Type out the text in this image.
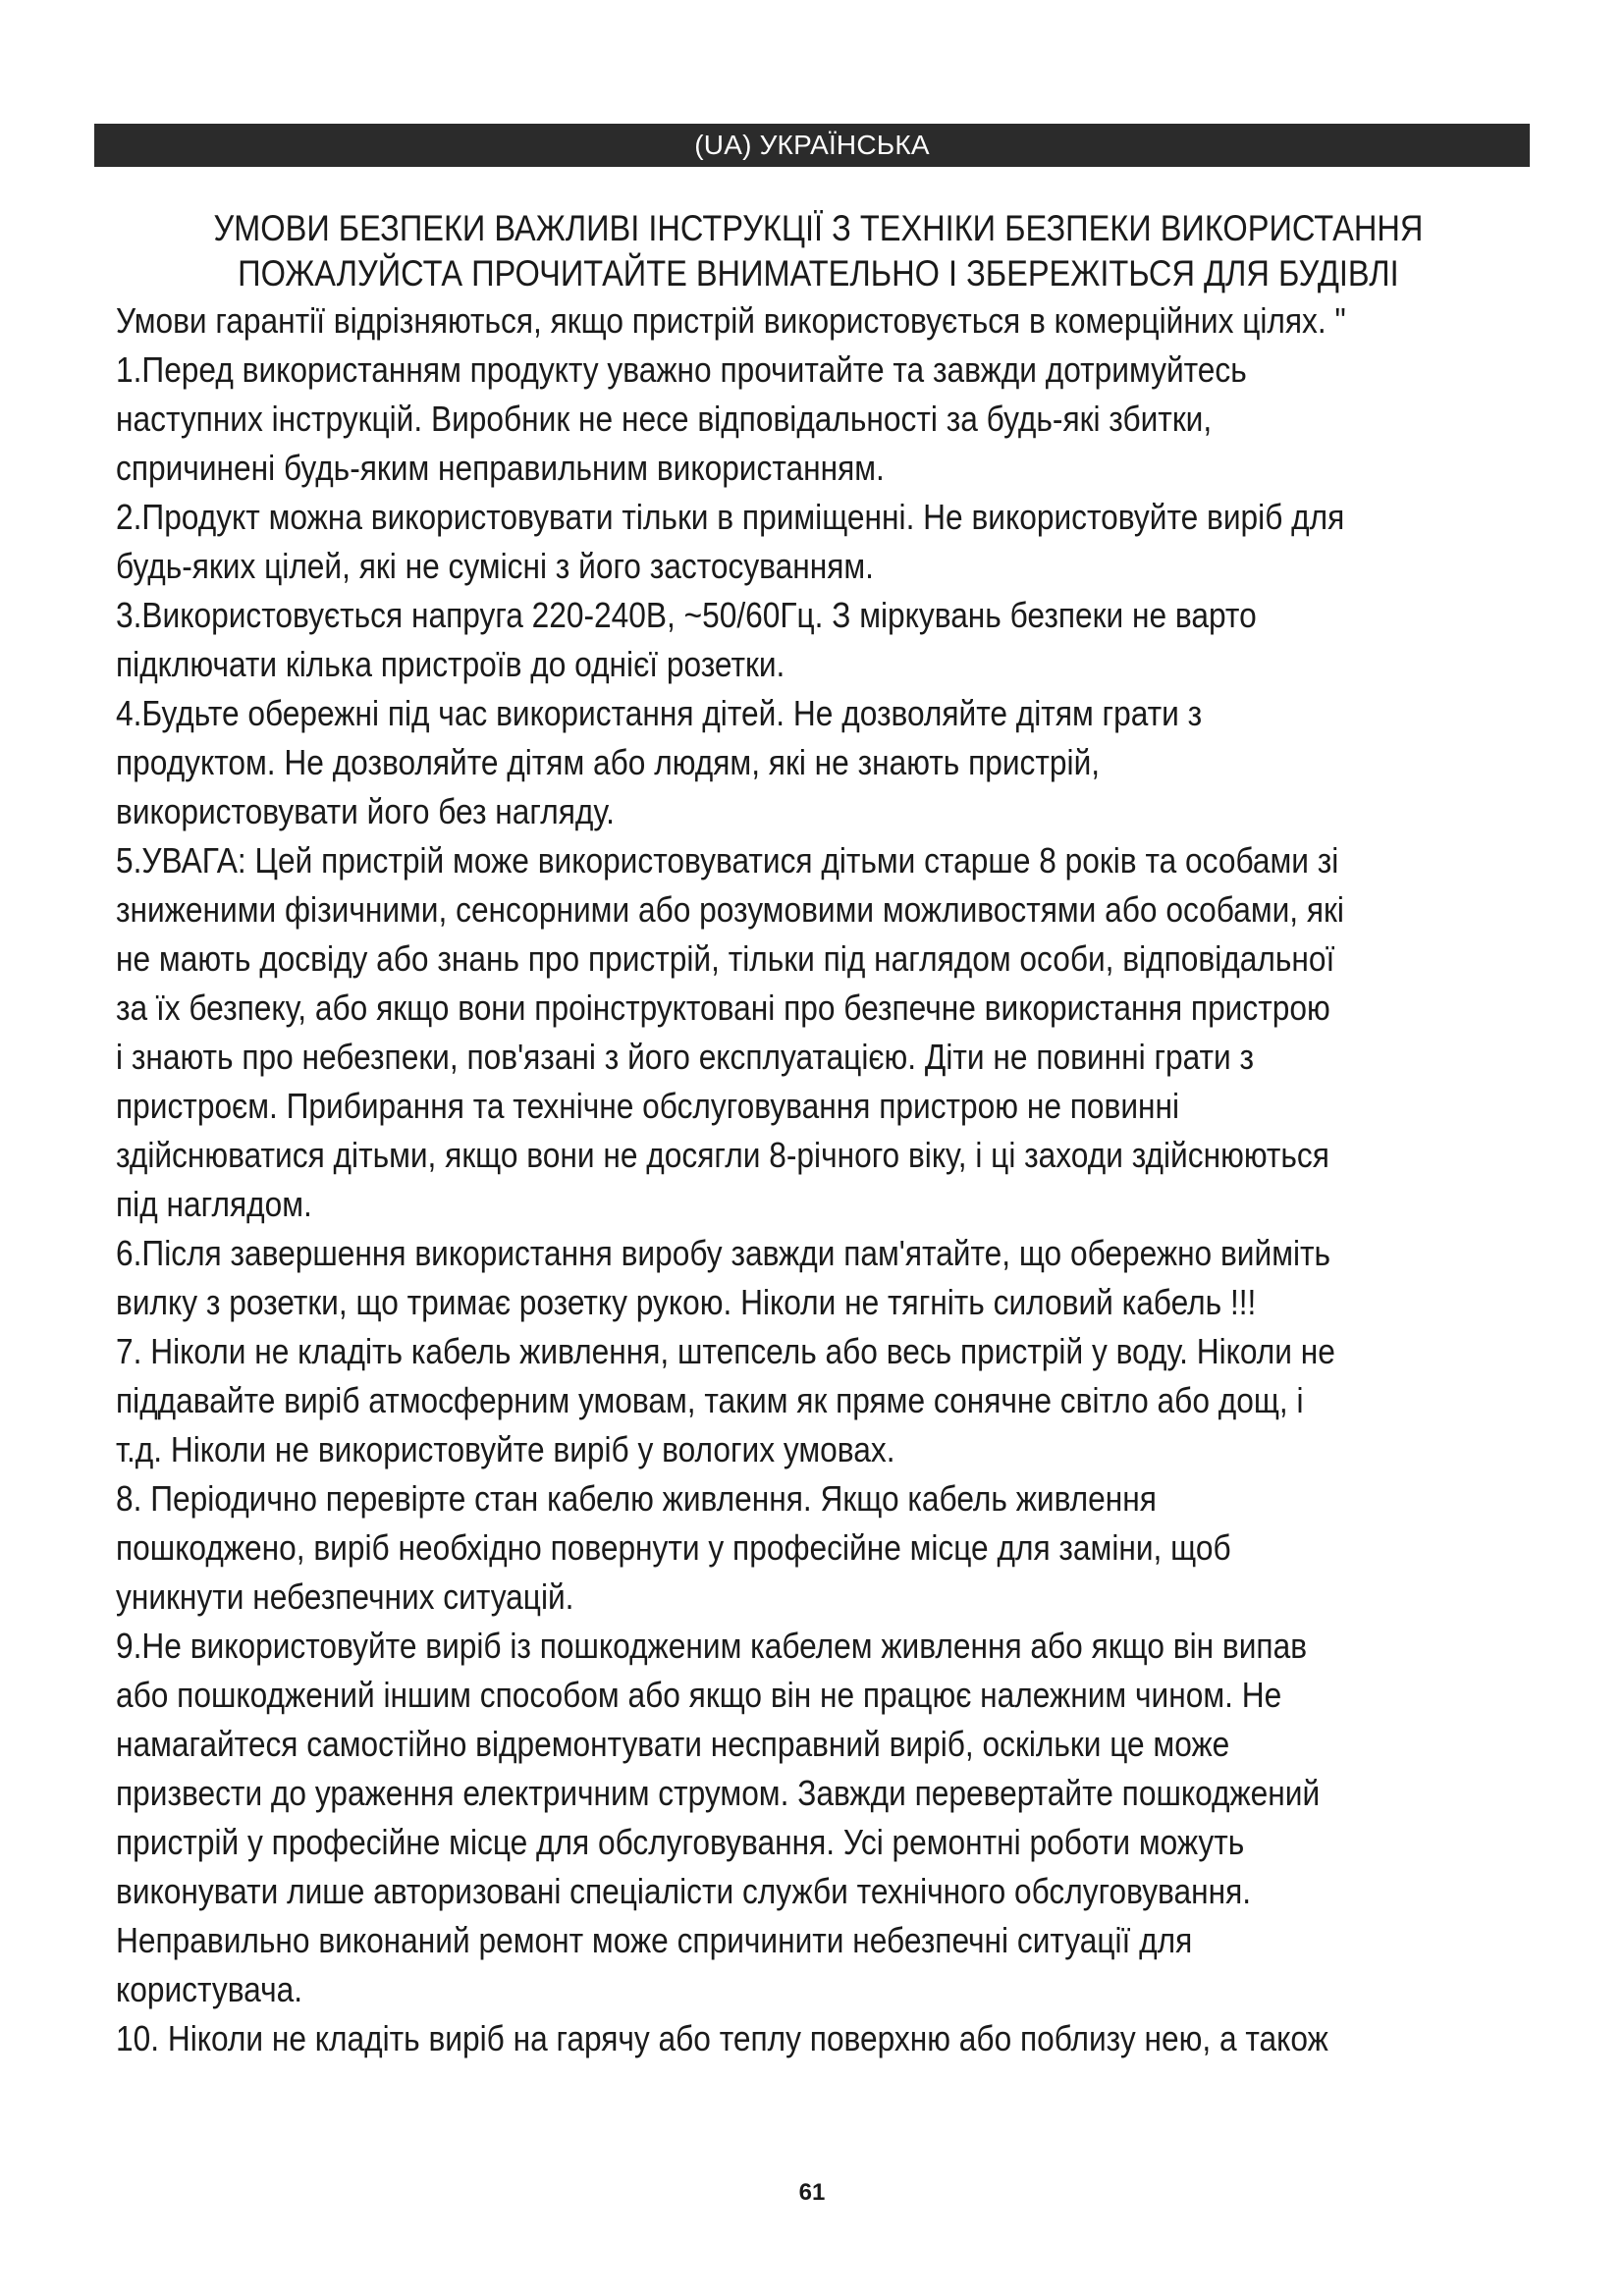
(UA) УКРАЇНСЬКА
УМОВИ БЕЗПЕКИ ВАЖЛИВІ ІНСТРУКЦІЇ З ТЕХНІКИ БЕЗПЕКИ ВИКОРИСТАННЯ
ПОЖАЛУЙСТА ПРОЧИТАЙТЕ ВНИМАТЕЛЬНО І ЗБЕРЕЖІТЬСЯ ДЛЯ БУДІВЛІ

Умови гарантії відрізняються, якщо пристрій використовується в комерційних цілях. "

1.Перед використанням продукту уважно прочитайте та завжди дотримуйтесь

наступних інструкцій. Виробник не несе відповідальності за будь-які збитки,

спричинені будь-яким неправильним використанням.

2.Продукт можна використовувати тільки в приміщенні. Не використовуйте виріб для

будь-яких цілей, які не сумісні з його застосуванням.

3.Використовується напруга 220-240В, ~50/60Гц. З міркувань безпеки не варто

підключати кілька пристроїв до однієї розетки.

4.Будьте обережні під час використання дітей. Не дозволяйте дітям грати з

продуктом. Не дозволяйте дітям або людям, які не знають пристрій,

використовувати його без нагляду.

5.УВАГА: Цей пристрій може використовуватися дітьми старше 8 років та особами зі

зниженими фізичними, сенсорними або розумовими можливостями або особами, які

не мають досвіду або знань про пристрій, тільки під наглядом особи, відповідальної

за їх безпеку, або якщо вони проінструктовані про безпечне використання пристрою

і знають про небезпеки, пов'язані з його експлуатацією. Діти не повинні грати з

пристроєм. Прибирання та технічне обслуговування пристрою не повинні

здійснюватися дітьми, якщо вони не досягли 8-річного віку, і ці заходи здійснюються

під наглядом.

6.Після завершення використання виробу завжди пам'ятайте, що обережно вийміть

вилку з розетки, що тримає розетку рукою. Ніколи не тягніть силовий кабель !!!

7. Ніколи не кладіть кабель живлення, штепсель або весь пристрій у воду. Ніколи не

піддавайте виріб атмосферним умовам, таким як пряме сонячне світло або дощ, і

т.д. Ніколи не використовуйте виріб у вологих умовах.

8. Періодично перевірте стан кабелю живлення. Якщо кабель живлення

пошкоджено, виріб необхідно повернути у професійне місце для заміни, щоб

уникнути небезпечних ситуацій.

9.Не використовуйте виріб із пошкодженим кабелем живлення або якщо він випав

або пошкоджений іншим способом або якщо він не працює належним чином. Не

намагайтеся самостійно відремонтувати несправний виріб, оскільки це може

призвести до ураження електричним струмом. Завжди перевертайте пошкоджений

пристрій у професійне місце для обслуговування. Усі ремонтні роботи можуть

виконувати лише авторизовані спеціалісти служби технічного обслуговування.

Неправильно виконаний ремонт може спричинити небезпечні ситуації для

користувача.

10. Ніколи не кладіть виріб на гарячу або теплу поверхню або поблизу нею, а також

61
